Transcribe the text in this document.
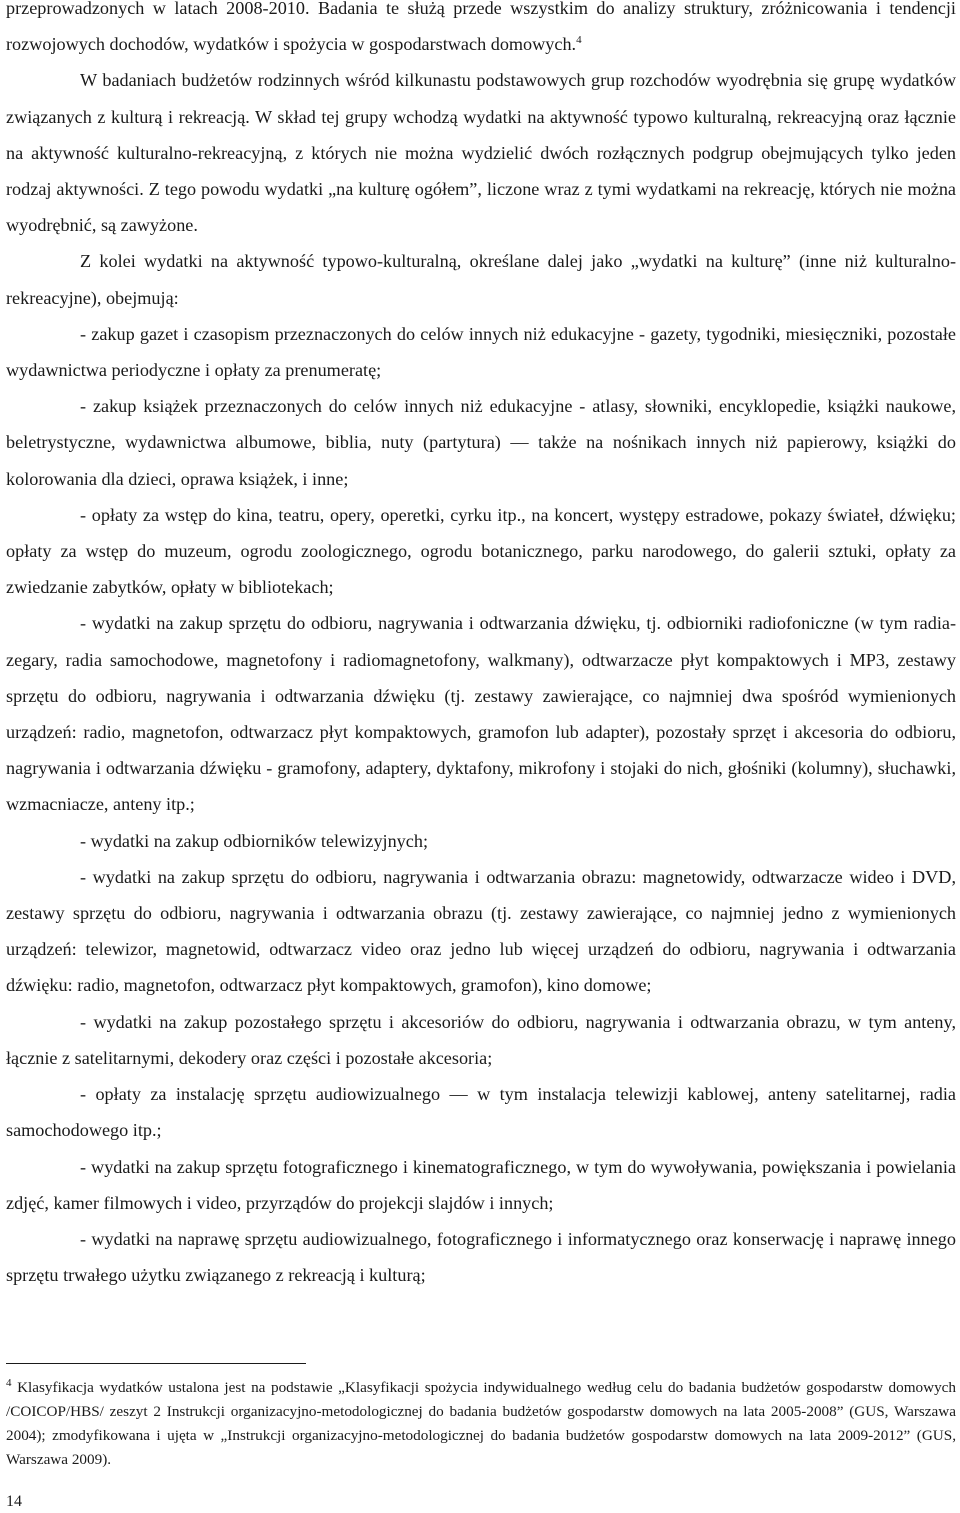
przeprowadzonych w latach 2008-2010. Badania te służą przede wszystkim do analizy struktury, zróżnicowania i tendencji rozwojowych dochodów, wydatków i spożycia w gospodarstwach domowych.$^4$

W badaniach budżetów rodzinnych wśród kilkunastu podstawowych grup rozchodów wyodrębnia się grupę wydatków związanych z kulturą i rekreacją. W skład tej grupy wchodzą wydatki na aktywność typowo kulturalną, rekreacyjną oraz łącznie na aktywność kulturalno-rekreacyjną, z których nie można wydzielić dwóch rozłącznych podgrup obejmujących tylko jeden rodzaj aktywności. Z tego powodu wydatki „na kulturę ogółem”, liczone wraz z tymi wydatkami na rekreację, których nie można wyodrębnić, są zawyżone.

Z kolei wydatki na aktywność typowo-kulturalną, określane dalej jako „wydatki na kulturę” (inne niż kulturalno-rekreacyjne), obejmują:

- zakup gazet i czasopism przeznaczonych do celów innych niż edukacyjne - gazety, tygodniki, miesięczniki, pozostałe wydawnictwa periodyczne i opłaty za prenumeratę;

- zakup książek przeznaczonych do celów innych niż edukacyjne - atlasy, słowniki, encyklopedie, książki naukowe, beletrystyczne, wydawnictwa albumowe, biblia, nuty (partytura) — także na nośnikach innych niż papierowy, książki do kolorowania dla dzieci, oprawa książek, i inne;

- opłaty za wstęp do kina, teatru, opery, operetki, cyrku itp., na koncert, występy estradowe, pokazy świateł, dźwięku; opłaty za wstęp do muzeum, ogrodu zoologicznego, ogrodu botanicznego, parku narodowego, do galerii sztuki, opłaty za zwiedzanie zabytków, opłaty w bibliotekach;

- wydatki na zakup sprzętu do odbioru, nagrywania i odtwarzania dźwięku, tj. odbiorniki radiofoniczne (w tym radia-zegary, radia samochodowe, magnetofony i radiomagnetofony, walkmany), odtwarzacze płyt kompaktowych i MP3, zestawy sprzętu do odbioru, nagrywania i odtwarzania dźwięku (tj. zestawy zawierające, co najmniej dwa spośród wymienionych urządzeń: radio, magnetofon, odtwarzacz płyt kompaktowych, gramofon lub adapter), pozostały sprzęt i akcesoria do odbioru, nagrywania i odtwarzania dźwięku - gramofony, adaptery, dyktafony, mikrofony i stojaki do nich, głośniki (kolumny), słuchawki, wzmacniacze, anteny itp.;

- wydatki na zakup odbiorników telewizyjnych;

- wydatki na zakup sprzętu do odbioru, nagrywania i odtwarzania obrazu: magnetowidy, odtwarzacze wideo i DVD, zestawy sprzętu do odbioru, nagrywania i odtwarzania obrazu (tj. zestawy zawierające, co najmniej jedno z wymienionych urządzeń: telewizor, magnetowid, odtwarzacz video oraz jedno lub więcej urządzeń do odbioru, nagrywania i odtwarzania dźwięku: radio, magnetofon, odtwarzacz płyt kompaktowych, gramofon), kino domowe;

- wydatki na zakup pozostałego sprzętu i akcesoriów do odbioru, nagrywania i odtwarzania obrazu, w tym anteny, łącznie z satelitarnymi, dekodery oraz części i pozostałe akcesoria;

- opłaty za instalację sprzętu audiowizualnego — w tym instalacja telewizji kablowej, anteny satelitarnej, radia samochodowego itp.;

- wydatki na zakup sprzętu fotograficznego i kinematograficznego, w tym do wywoływania, powiększania i powielania zdjęć, kamer filmowych i video, przyrządów do projekcji slajdów i innych;

- wydatki na naprawę sprzętu audiowizualnego, fotograficznego i informatycznego oraz konserwację i naprawę innego sprzętu trwałego użytku związanego z rekreacją i kulturą;

$^4$ Klasyfikacja wydatków ustalona jest na podstawie „Klasyfikacji spożycia indywidualnego według celu do badania budżetów gospodarstw domowych /COICOP/HBS/ zeszyt 2 Instrukcji organizacyjno-metodologicznej do badania budżetów gospodarstw domowych na lata 2005-2008” (GUS, Warszawa 2004); zmodyfikowana i ujęta w „Instrukcji organizacyjno-metodologicznej do badania budżetów gospodarstw domowych na lata 2009-2012” (GUS, Warszawa 2009).

14
